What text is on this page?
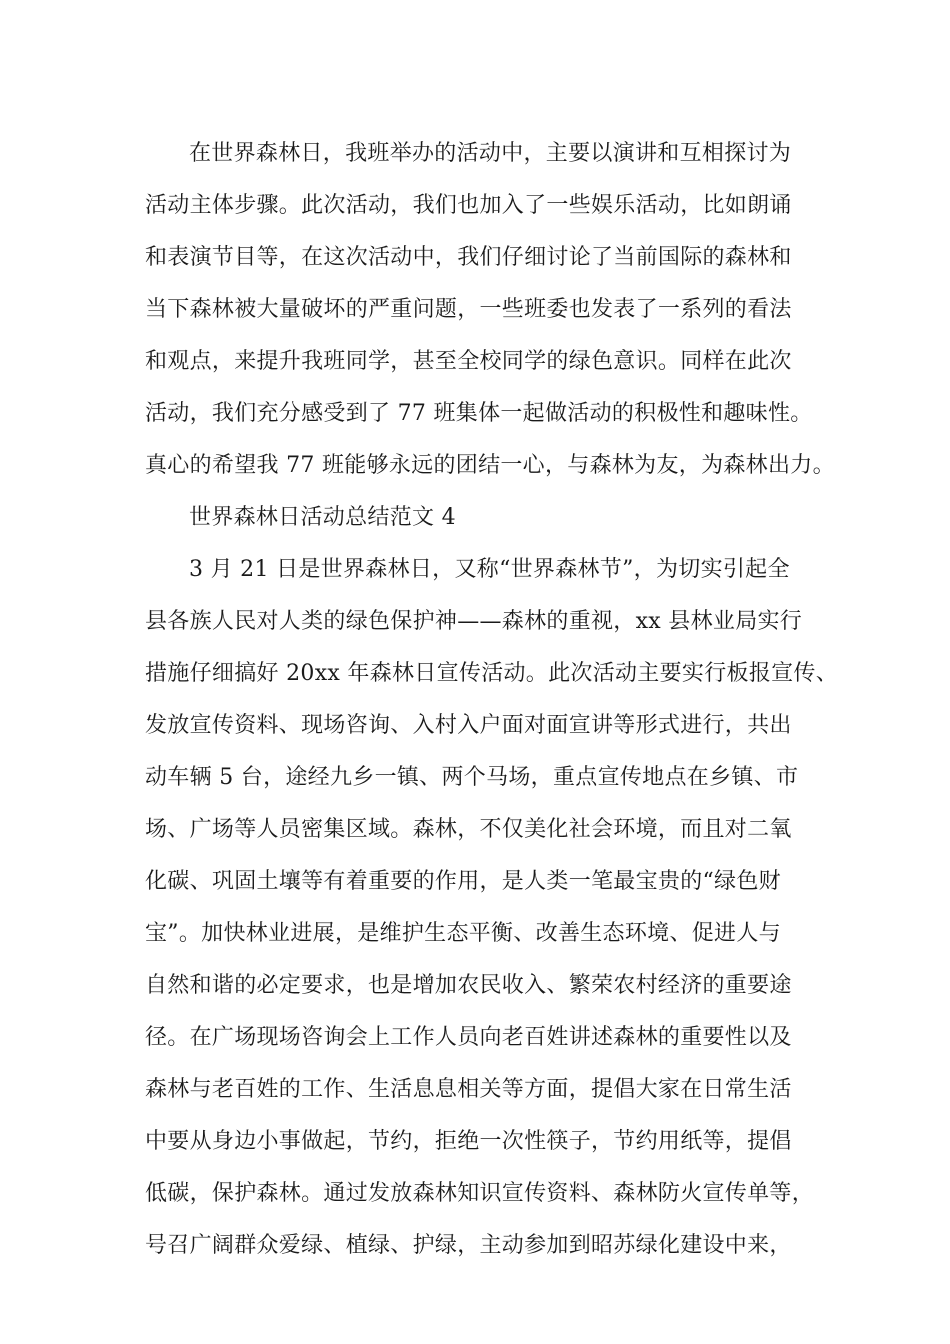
在世界森林日，我班举办的活动中，主要以演讲和互相探讨为
活动主体步骤。此次活动，我们也加入了一些娱乐活动，比如朗诵
和表演节目等，在这次活动中，我们仔细讨论了当前国际的森林和
当下森林被大量破坏的严重问题，一些班委也发表了一系列的看法
和观点，来提升我班同学，甚至全校同学的绿色意识。同样在此次
活动，我们充分感受到了 77 班集体一起做活动的积极性和趣味性。
真心的希望我 77 班能够永远的团结一心，与森林为友，为森林出力。
世界森林日活动总结范文 4
3 月 21 日是世界森林日，又称“世界森林节”，为切实引起全
县各族人民对人类的绿色保护神——森林的重视，xx 县林业局实行
措施仔细搞好 20xx 年森林日宣传活动。此次活动主要实行板报宣传、
发放宣传资料、现场咨询、入村入户面对面宣讲等形式进行，共出
动车辆 5 台，途经九乡一镇、两个马场，重点宣传地点在乡镇、市
场、广场等人员密集区域。森林，不仅美化社会环境，而且对二氧
化碳、巩固土壤等有着重要的作用，是人类一笔最宝贵的“绿色财
宝”。加快林业进展，是维护生态平衡、改善生态环境、促进人与
自然和谐的必定要求，也是增加农民收入、繁荣农村经济的重要途
径。在广场现场咨询会上工作人员向老百姓讲述森林的重要性以及
森林与老百姓的工作、生活息息相关等方面，提倡大家在日常生活
中要从身边小事做起，节约，拒绝一次性筷子，节约用纸等，提倡
低碳，保护森林。通过发放森林知识宣传资料、森林防火宣传单等，
号召广阔群众爱绿、植绿、护绿，主动参加到昭苏绿化建设中来，
